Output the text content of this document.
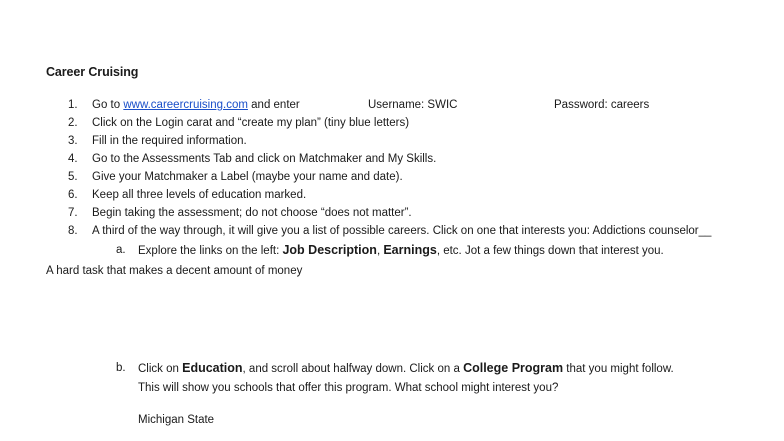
Career Cruising
1. Go to www.careercruising.com and enter	Username: SWIC	Password: careers
2. Click on the Login carat and “create my plan” (tiny blue letters)
3. Fill in the required information.
4. Go to the Assessments Tab and click on Matchmaker and My Skills.
5. Give your Matchmaker a Label (maybe your name and date).
6. Keep all three levels of education marked.
7. Begin taking the assessment; do not choose “does not matter”.
8. A third of the way through, it will give you a list of possible careers. Click on one that interests you: Addictions counselor__
a. Explore the links on the left: Job Description, Earnings, etc. Jot a few things down that interest you.
A hard task that makes a decent amount of money
b. Click on Education, and scroll about halfway down. Click on a College Program that you might follow.
This will show you schools that offer this program. What school might interest you?
Michigan State
